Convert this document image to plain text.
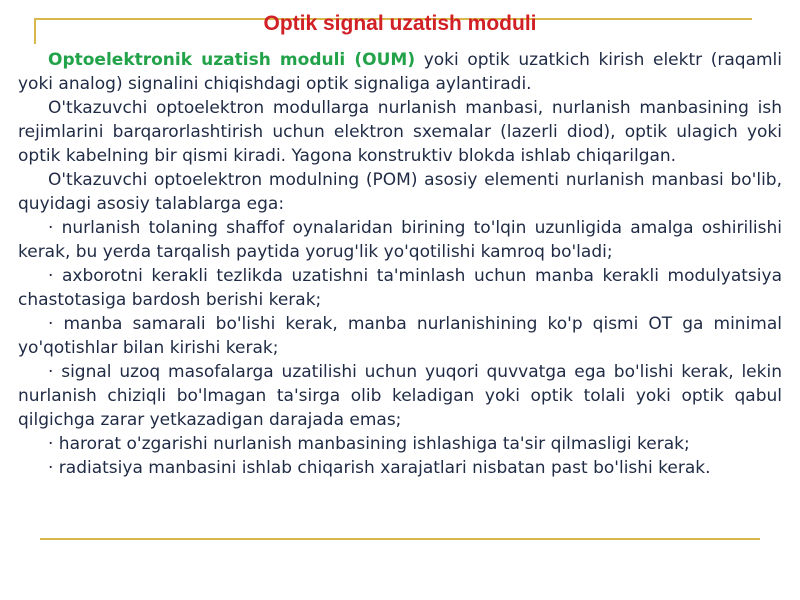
Optik signal uzatish moduli

Optoelektronik uzatish moduli (OUM) yoki optik uzatkich kirish elektr (raqamli yoki analog) signalini chiqishdagi optik signaliga aylantiradi.

O'tkazuvchi optoelektron modullarga nurlanish manbasi, nurlanish manbasining ish rejimlarini barqarorlashtirish uchun elektron sxemalar (lazerli diod), optik ulagich yoki optik kabelning bir qismi kiradi. Yagona konstruktiv blokda ishlab chiqarilgan.

O'tkazuvchi optoelektron modulning (POM) asosiy elementi nurlanish manbasi bo'lib, quyidagi asosiy talablarga ega:

· nurlanish tolaning shaffof oynalaridan birining to'lqin uzunligida amalga oshirilishi kerak, bu yerda tarqalish paytida yorug'lik yo'qotilishi kamroq bo'ladi;

· axborotni kerakli tezlikda uzatishni ta'minlash uchun manba kerakli modulyatsiya chastotasiga bardosh berishi kerak;

· manba samarali bo'lishi kerak, manba nurlanishining ko'p qismi OT ga minimal yo'qotishlar bilan kirishi kerak;

· signal uzoq masofalarga uzatilishi uchun yuqori quvvatga ega bo'lishi kerak, lekin nurlanish chiziqli bo'lmagan ta'sirga olib keladigan yoki optik tolali yoki optik qabul qilgichga zarar yetkazadigan darajada emas;

· harorat o'zgarishi nurlanish manbasining ishlashiga ta'sir qilmasligi kerak;

· radiatsiya manbasini ishlab chiqarish xarajatlari nisbatan past bo'lishi kerak.
